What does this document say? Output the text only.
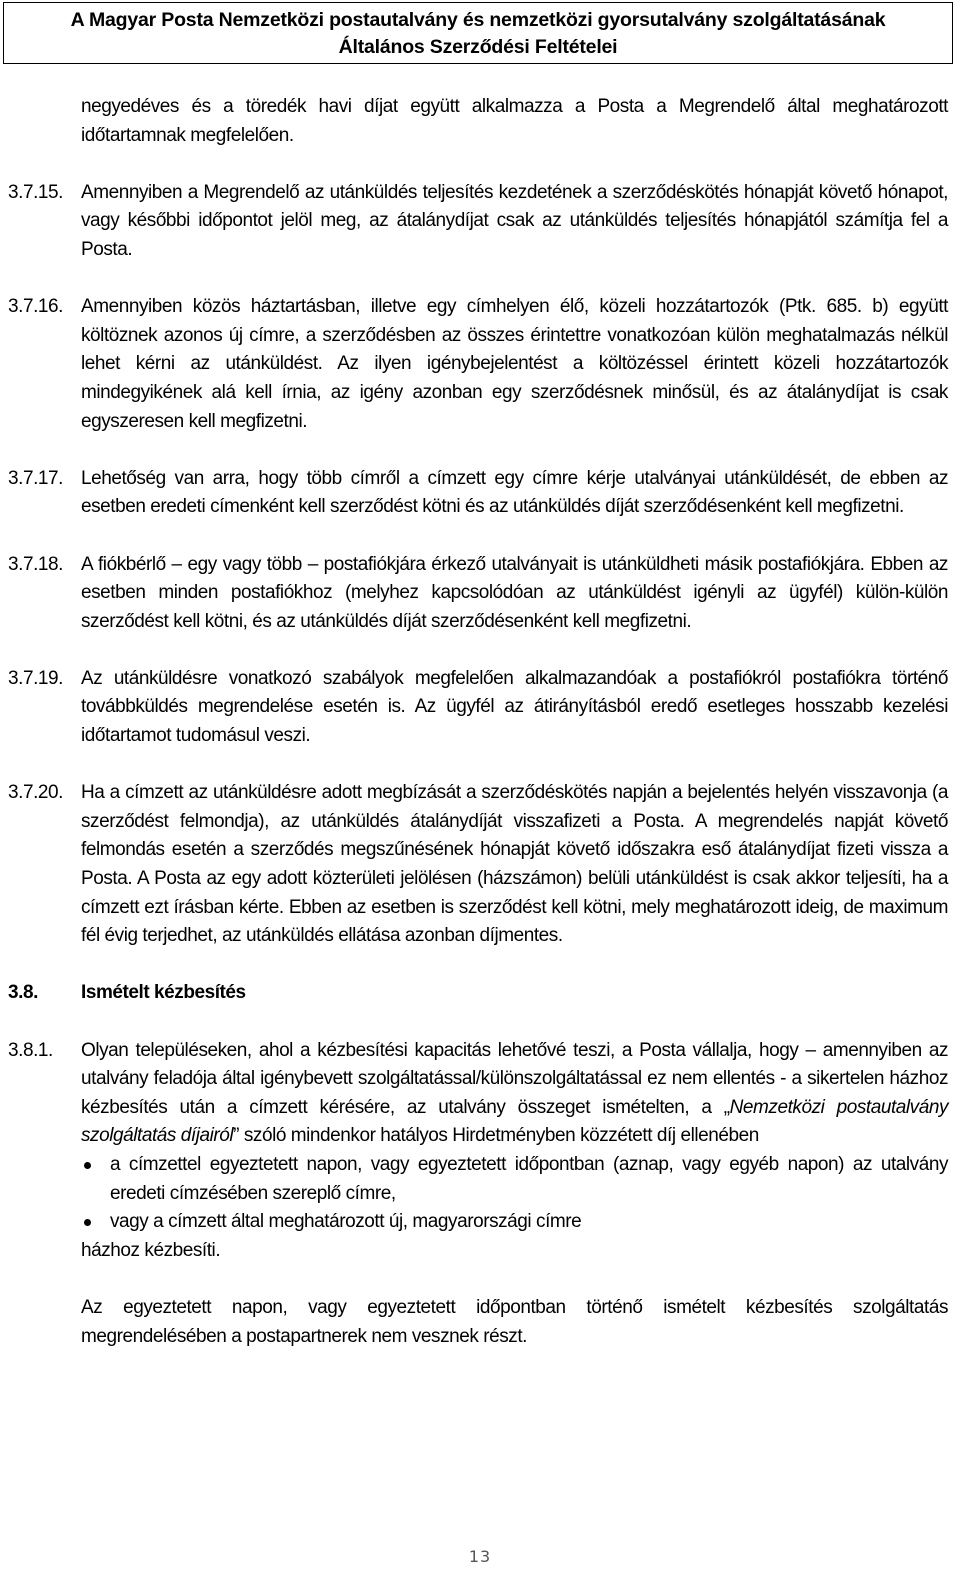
A Magyar Posta Nemzetközi postautalvány és nemzetközi gyorsutalvány szolgáltatásának
Általános Szerződési Feltételei

negyedéves és a töredék havi díjat együtt alkalmazza a Posta a Megrendelő által meghatározott időtartamnak megfelelően.

3.7.15. Amennyiben a Megrendelő az utánküldés teljesítés kezdetének a szerződéskötés hónapját követő hónapot, vagy későbbi időpontot jelöl meg, az átalánydíjat csak az utánküldés teljesítés hónapjától számítja fel a Posta.
3.7.16. Amennyiben közös háztartásban, illetve egy címhelyen élő, közeli hozzátartozók (Ptk. 685. b) együtt költöznek azonos új címre, a szerződésben az összes érintettre vonatkozóan külön meghatalmazás nélkül lehet kérni az utánküldést. Az ilyen igénybejelentést a költözéssel érintett közeli hozzátartozók mindegyikének alá kell írnia, az igény azonban egy szerződésnek minősül, és az átalánydíjat is csak egyszeresen kell megfizetni.
3.7.17. Lehetőség van arra, hogy több címről a címzett egy címre kérje utalványai utánküldését, de ebben az esetben eredeti címenként kell szerződést kötni és az utánküldés díját szerződésenként kell megfizetni.
3.7.18. A fiókbérlő – egy vagy több – postafiókjára érkező utalványait is utánküldheti másik postafiókjára. Ebben az esetben minden postafiókhoz (melyhez kapcsolódóan az utánküldést igényli az ügyfél) külön-külön szerződést kell kötni, és az utánküldés díját szerződésenként kell megfizetni.
3.7.19. Az utánküldésre vonatkozó szabályok megfelelően alkalmazandóak a postafiókról postafiókra történő továbbküldés megrendelése esetén is. Az ügyfél az átirányításból eredő esetleges hosszabb kezelési időtartamot tudomásul veszi.
3.7.20. Ha a címzett az utánküldésre adott megbízását a szerződéskötés napján a bejelentés helyén visszavonja (a szerződést felmondja), az utánküldés átalánydíját visszafizeti a Posta. A megrendelés napját követő felmondás esetén a szerződés megszűnésének hónapját követő időszakra eső átalánydíjat fizeti vissza a Posta. A Posta az egy adott közterületi jelölésen (házszámon) belüli utánküldést is csak akkor teljesíti, ha a címzett ezt írásban kérte. Ebben az esetben is szerződést kell kötni, mely meghatározott ideig, de maximum fél évig terjedhet, az utánküldés ellátása azonban díjmentes.
3.8. Ismételt kézbesítés
3.8.1. Olyan településeken, ahol a kézbesítési kapacitás lehetővé teszi, a Posta vállalja, hogy – amennyiben az utalvány feladója által igénybevett szolgáltatással/különszolgáltatással ez nem ellentés - a sikertelen házhoz kézbesítés után a címzett kérésére, az utalvány összeget ismételten, a „Nemzetközi postautalvány szolgáltatás díjairól” szóló mindenkor hatályos Hirdetményben közzétett díj ellenében
a címzettel egyeztetett napon, vagy egyeztetett időpontban (aznap, vagy egyéb napon) az utalvány eredeti címzésében szereplő címre,
vagy a címzett által meghatározott új, magyarországi címre
házhoz kézbesíti.
Az egyeztetett napon, vagy egyeztetett időpontban történő ismételt kézbesítés szolgáltatás megrendelésében a postapartnerek nem vesznek részt.
13
